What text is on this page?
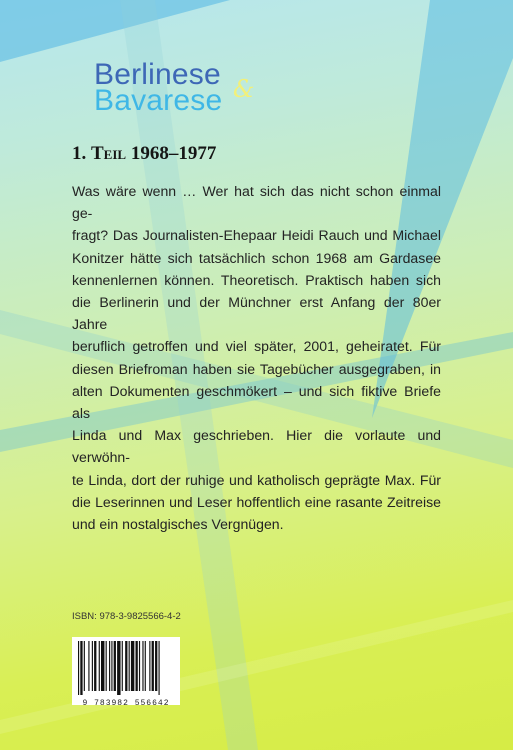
Berlinese
Bavarese &
1. Teil 1968–1977

Was wäre wenn … Wer hat sich das nicht schon einmal ge-
fragt? Das Journalisten-Ehepaar Heidi Rauch und Michael
Konitzer hätte sich tatsächlich schon 1968 am Gardasee
kennenlernen können. Theoretisch. Praktisch haben sich
die Berlinerin und der Münchner erst Anfang der 80er Jahre
beruflich getroffen und viel später, 2001, geheiratet. Für
diesen Briefroman haben sie Tagebücher ausgegraben, in
alten Dokumenten geschmökert – und sich fiktive Briefe als
Linda und Max geschrieben. Hier die vorlaute und verwöhn-
te Linda, dort der ruhige und katholisch geprägte Max. Für
die Leserinnen und Leser hoffentlich eine rasante Zeitreise
und ein nostalgisches Vergnügen.

ISBN: 978-3-9825566-4-2
9 783982 556642
